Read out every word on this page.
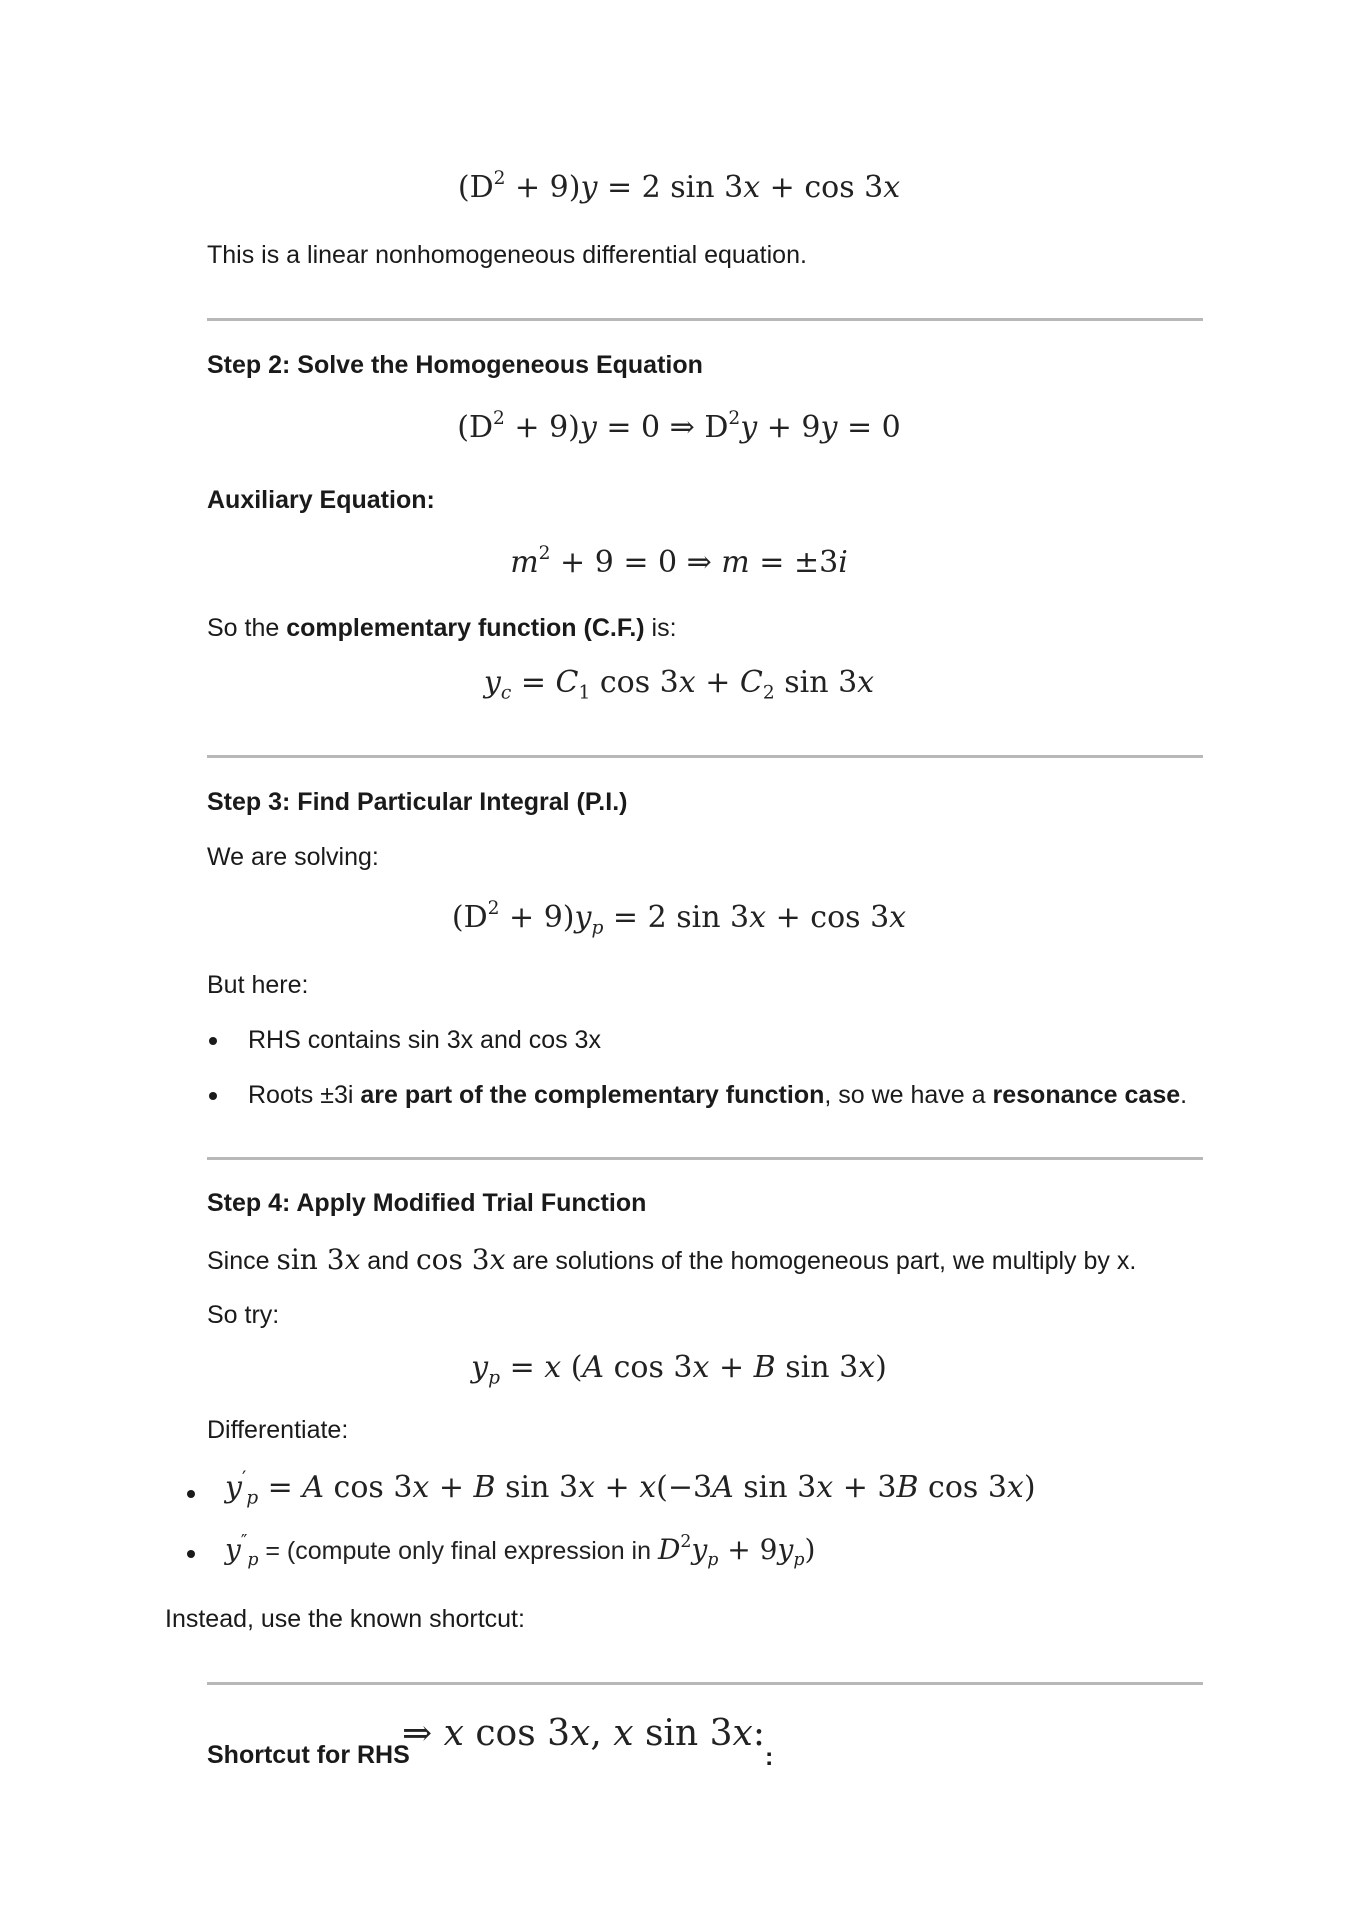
$(D^2 + 9)y = 2$ sin 3x + cos 3x
This is a linear nonhomogeneous differential equation.
Step 2: Solve the Homogeneous Equation
$(D^2 + 9)y = 0$ ⇒ $D^2y + 9y = 0$
Auxiliary Equation:
$m^2 + 9 = 0$ ⇒ m = ±3i
So the complementary function (C.F.) is:
$y_c = C_1$ $\cos 3x + C_2$ sin 3x
Step 3: Find Particular Integral (P.I.)
We are solving:
$(D^2 + 9)y_p = 2$ sin 3x + cos 3x
But here:
RHS contains sin 3x and cos 3x
Roots ±3i are part of the complementary function, so we have a resonance case.
Step 4: Apply Modified Trial Function
Since sin 3x and cos 3x are solutions of the homogeneous part, we multiply by x.
So try:
$y_p = x$ (A cos 3x + B sin 3x)
Differentiate:
$y'_p = A$ cos 3x + B sin 3x + x(−3A sin 3x + 3B cos 3x)
$y''_p$ = (compute only final expression in $D^2y_p + 9y_p$)
Instead, use the known shortcut:
Shortcut for RHS
⇒ x cos 3x, x sin 3x:
:
